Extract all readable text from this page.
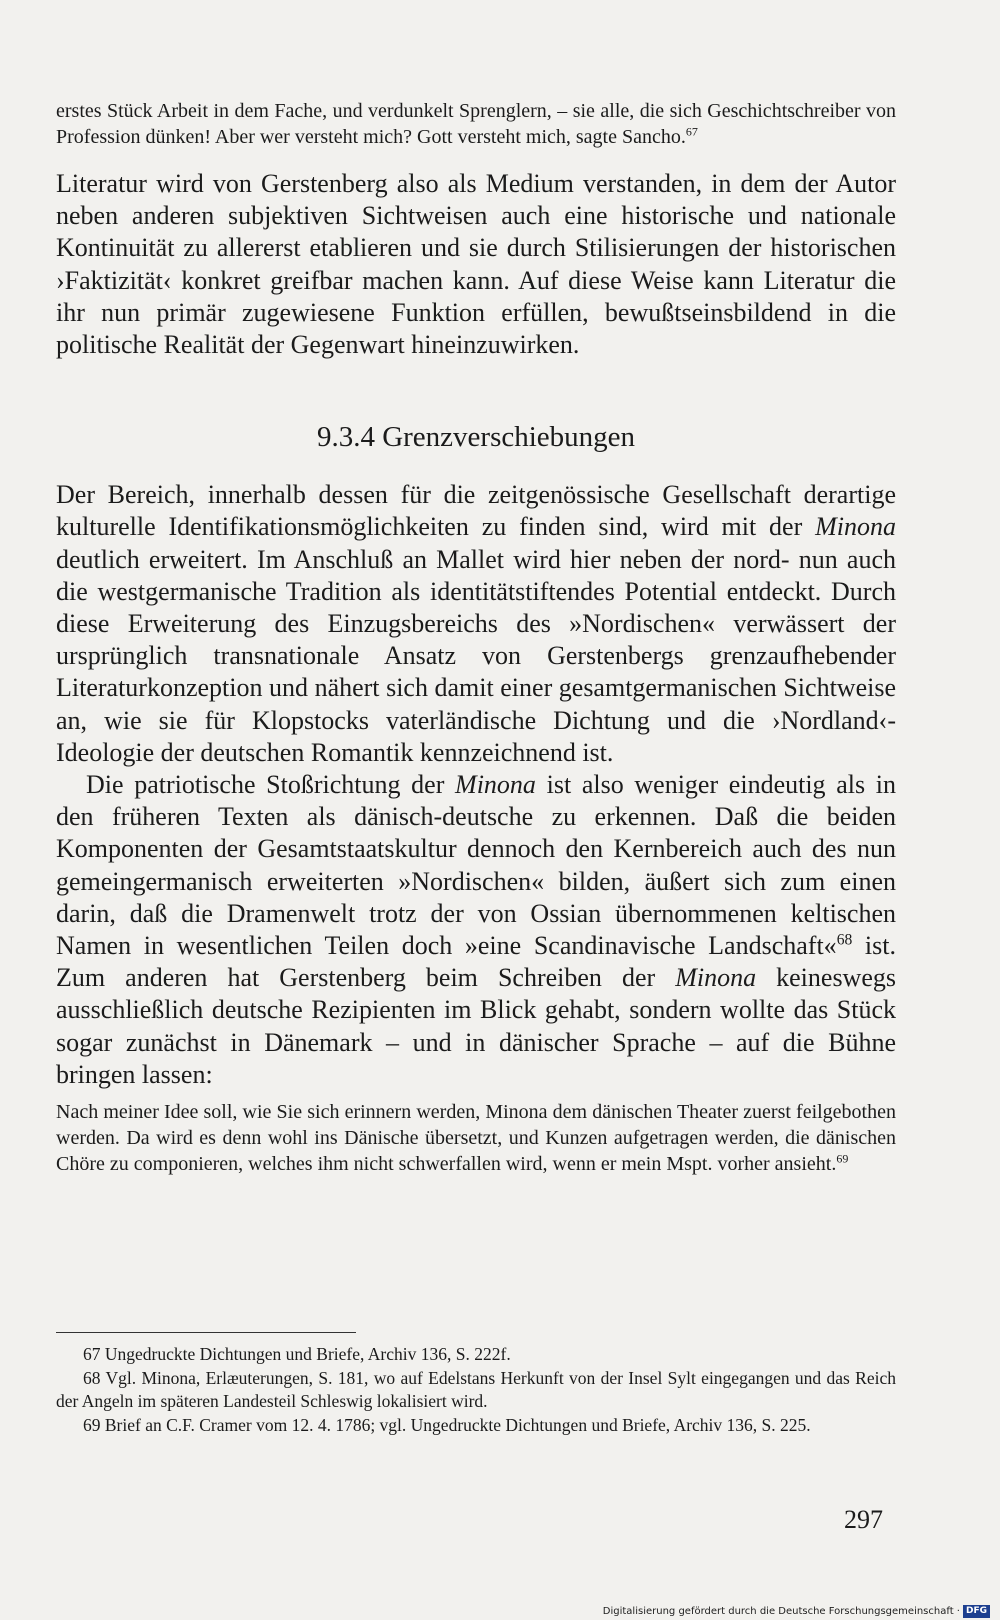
erstes Stück Arbeit in dem Fache, und verdunkelt Sprenglern, – sie alle, die sich Geschichtschreiber von Profession dünken! Aber wer versteht mich? Gott versteht mich, sagte Sancho.$^{67}$

Literatur wird von Gerstenberg also als Medium verstanden, in dem der Autor neben anderen subjektiven Sichtweisen auch eine historische und nationale Kontinuität zu allererst etablieren und sie durch Stilisierungen der historischen ›Faktizität‹ konkret greifbar machen kann. Auf diese Weise kann Literatur die ihr nun primär zugewiesene Funktion erfüllen, bewußtseinsbildend in die politische Realität der Gegenwart hineinzuwirken.

9.3.4 Grenzverschiebungen

Der Bereich, innerhalb dessen für die zeitgenössische Gesellschaft derartige kulturelle Identifikationsmöglichkeiten zu finden sind, wird mit der Minona deutlich erweitert. Im Anschluß an Mallet wird hier neben der nord- nun auch die westgermanische Tradition als identitätstiftendes Potential entdeckt. Durch diese Erweiterung des Einzugsbereichs des »Nordischen« verwässert der ursprünglich transnationale Ansatz von Gerstenbergs grenzaufhebender Literaturkonzeption und nähert sich damit einer gesamtgermanischen Sichtweise an, wie sie für Klopstocks vaterländische Dichtung und die ›Nordland‹-Ideologie der deutschen Romantik kennzeichnend ist.

Die patriotische Stoßrichtung der Minona ist also weniger eindeutig als in den früheren Texten als dänisch-deutsche zu erkennen. Daß die beiden Komponenten der Gesamtstaatskultur dennoch den Kernbereich auch des nun gemeingermanisch erweiterten »Nordischen« bilden, äußert sich zum einen darin, daß die Dramenwelt trotz der von Ossian übernommenen keltischen Namen in wesentlichen Teilen doch »eine Scandinavische Landschaft«$^{68}$ ist. Zum anderen hat Gerstenberg beim Schreiben der Minona keineswegs ausschließlich deutsche Rezipienten im Blick gehabt, sondern wollte das Stück sogar zunächst in Dänemark – und in dänischer Sprache – auf die Bühne bringen lassen:

Nach meiner Idee soll, wie Sie sich erinnern werden, Minona dem dänischen Theater zuerst feilgebothen werden. Da wird es denn wohl ins Dänische übersetzt, und Kunzen aufgetragen werden, die dänischen Chöre zu componieren, welches ihm nicht schwerfallen wird, wenn er mein Mspt. vorher ansieht.$^{69}$

67 Ungedruckte Dichtungen und Briefe, Archiv 136, S. 222f.

68 Vgl. Minona, Erlæuterungen, S. 181, wo auf Edelstans Herkunft von der Insel Sylt eingegangen und das Reich der Angeln im späteren Landesteil Schleswig lokalisiert wird.

69 Brief an C.F. Cramer vom 12. 4. 1786; vgl. Ungedruckte Dichtungen und Briefe, Archiv 136, S. 225.

297
Digitalisierung gefördert durch die Deutsche Forschungsgemeinschaft · DFG
